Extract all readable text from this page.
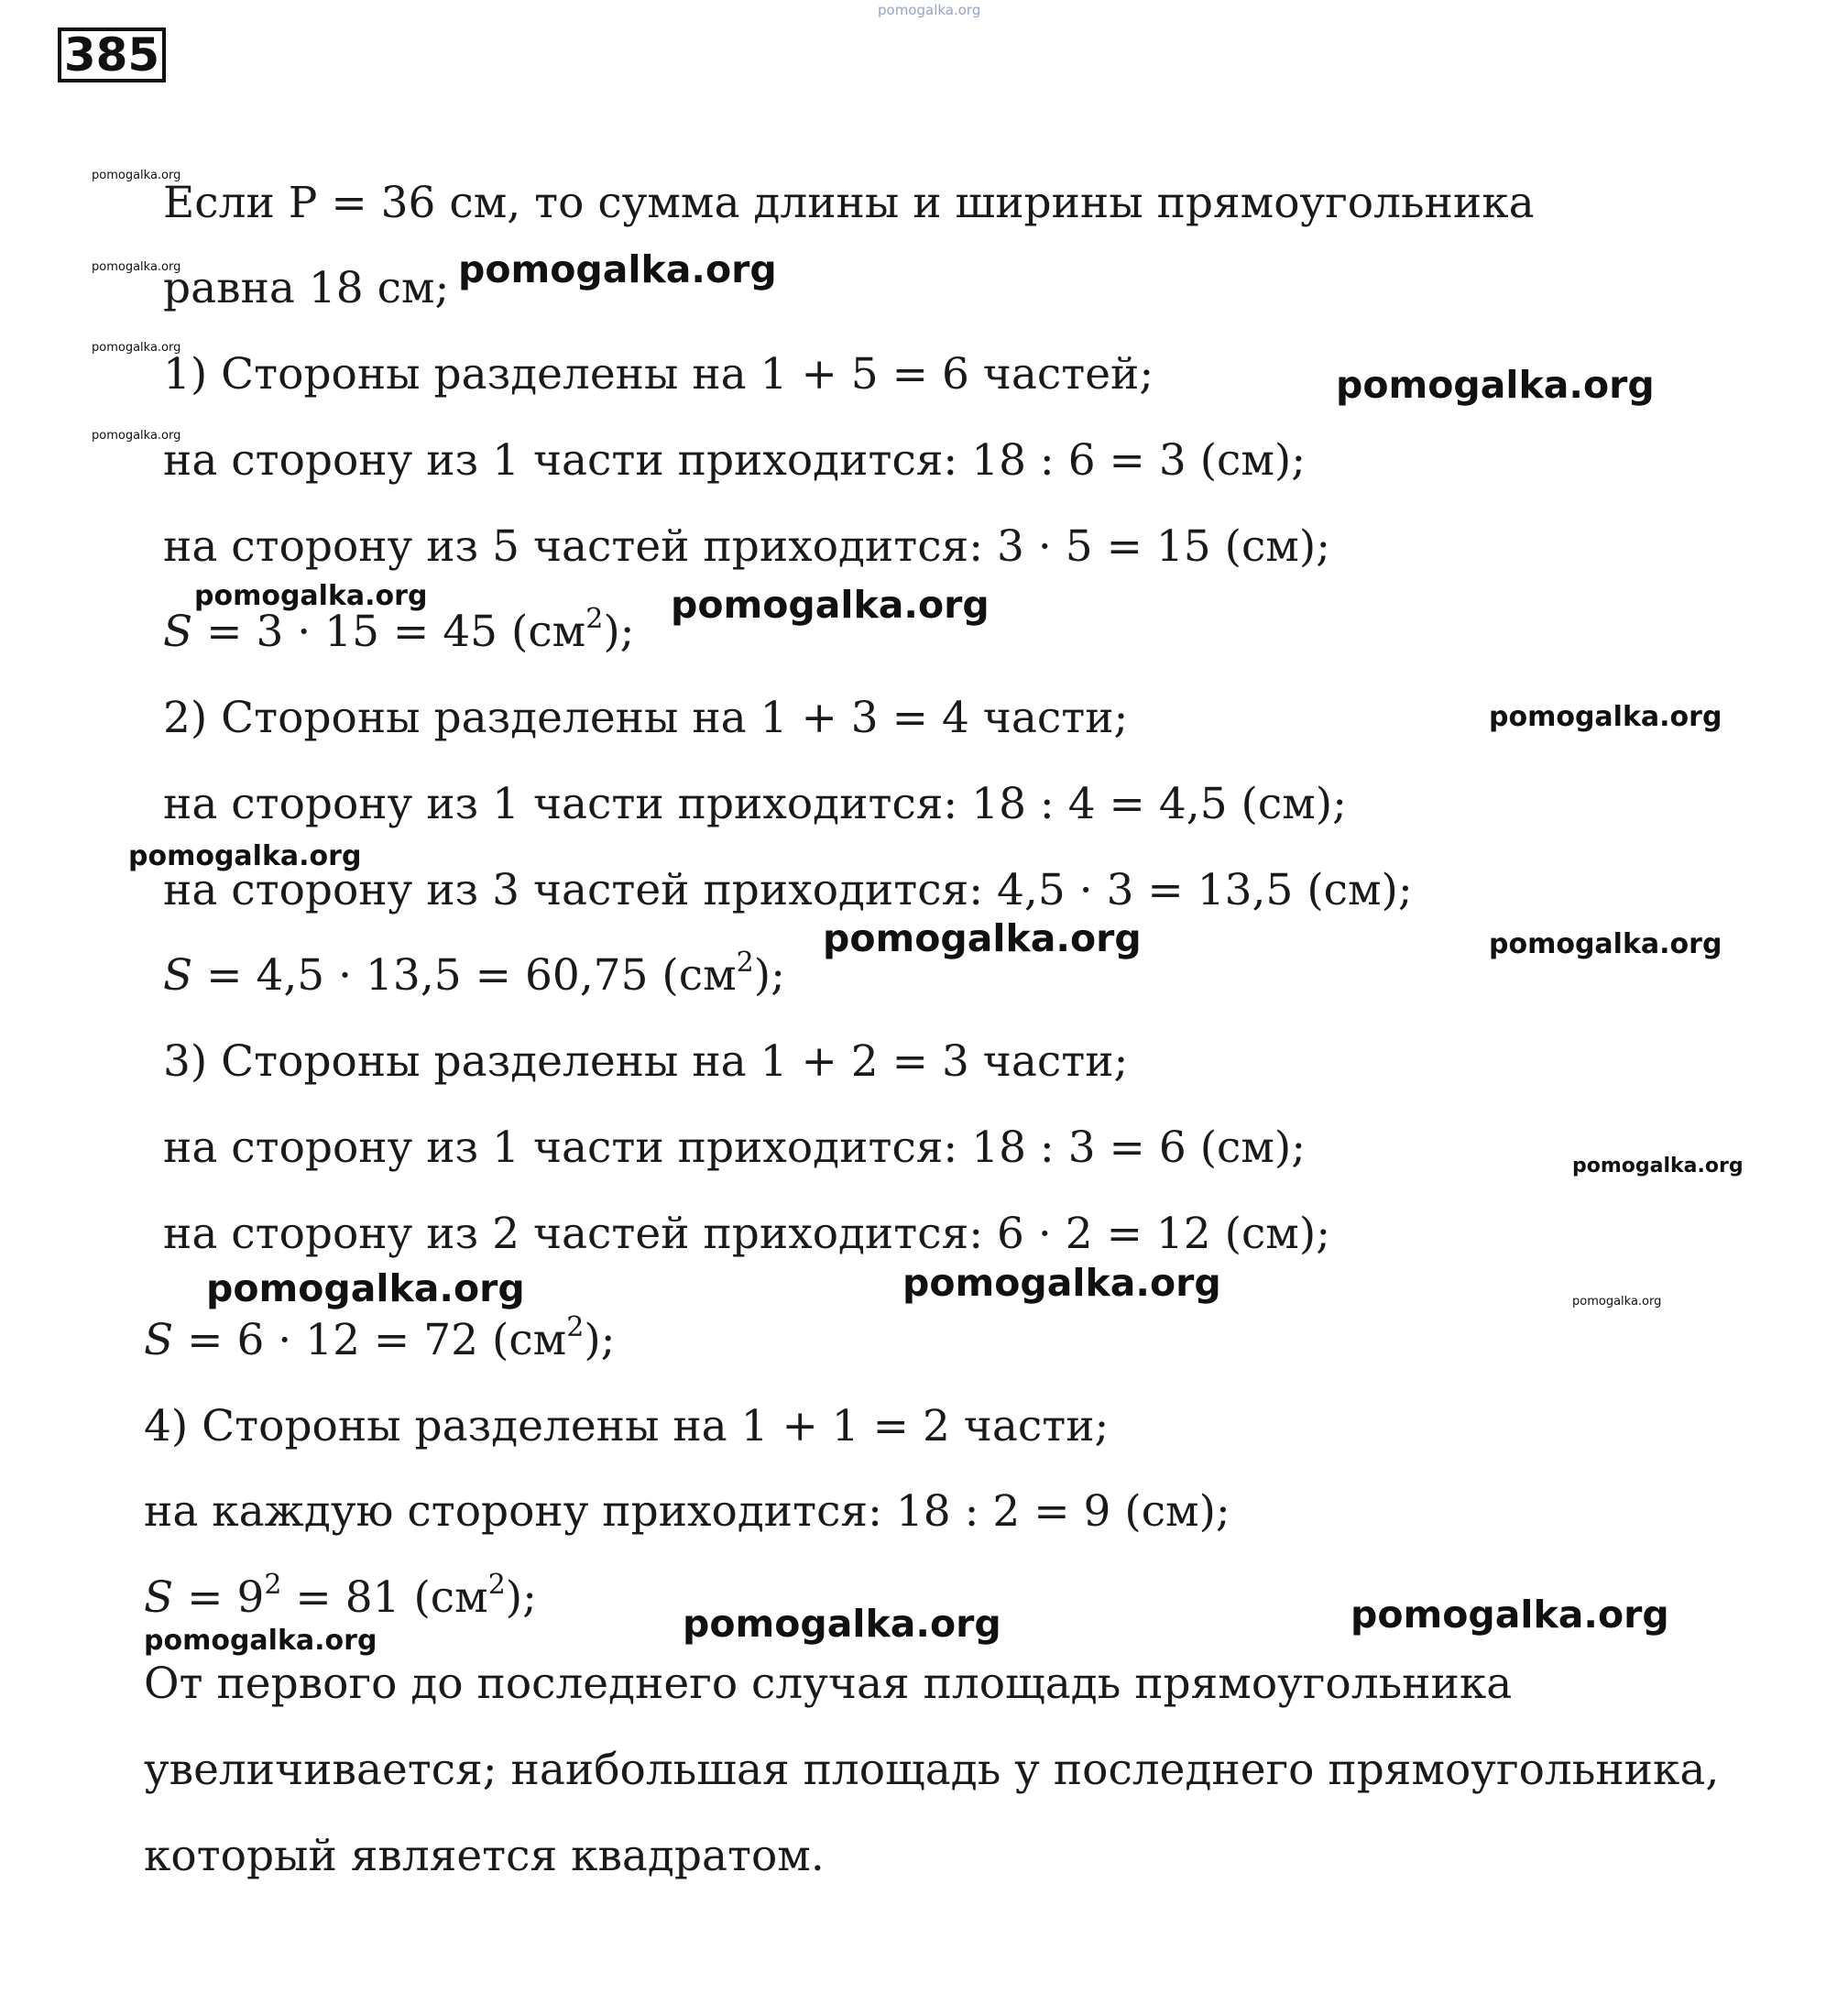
385
pomogalka.org
pomogalka.org
pomogalka.org
pomogalka.org
pomogalka.org
pomogalka.org
pomogalka.org
pomogalka.org	pomogalka.org
pomogalka.org
pomogalka.org
pomogalka.org	pomogalka.org
pomogalka.org
pomogalka.org	pomogalka.org	pomogalka.org
pomogalka.org	pomogalka.org
pomogalka.org
Если P = 36 см, то сумма длины и ширины прямоугольника
равна 18 см;
1) Стороны разделены на 1 + 5 = 6 частей;
на сторону из 1 части приходится: 18 : 6 = 3 (см);
на сторону из 5 частей приходится: 3 · 5 = 15 (см);
S = 3 · 15 = 45 $(см^2)$;
2) Стороны разделены на 1 + 3 = 4 части;
на сторону из 1 части приходится: 18 : 4 = 4,5 (см);
на сторону из 3 частей приходится: 4,5 · 3 = 13,5 (см);
S = 4,5 · 13,5 = 60,75 $(см^2)$;
3) Стороны разделены на 1 + 2 = 3 части;
на сторону из 1 части приходится: 18 : 3 = 6 (см);
на сторону из 2 частей приходится: 6 · 2 = 12 (см);
S = 6 · 12 = 72 $(см^2)$;
4) Стороны разделены на 1 + 1 = 2 части;
на каждую сторону приходится: 18 : 2 = 9 (см);
$S = 9^2 = 81$ $(см^2)$;
От первого до последнего случая площадь прямоугольника
увеличивается; наибольшая площадь у последнего прямоугольника,
который является квадратом.
